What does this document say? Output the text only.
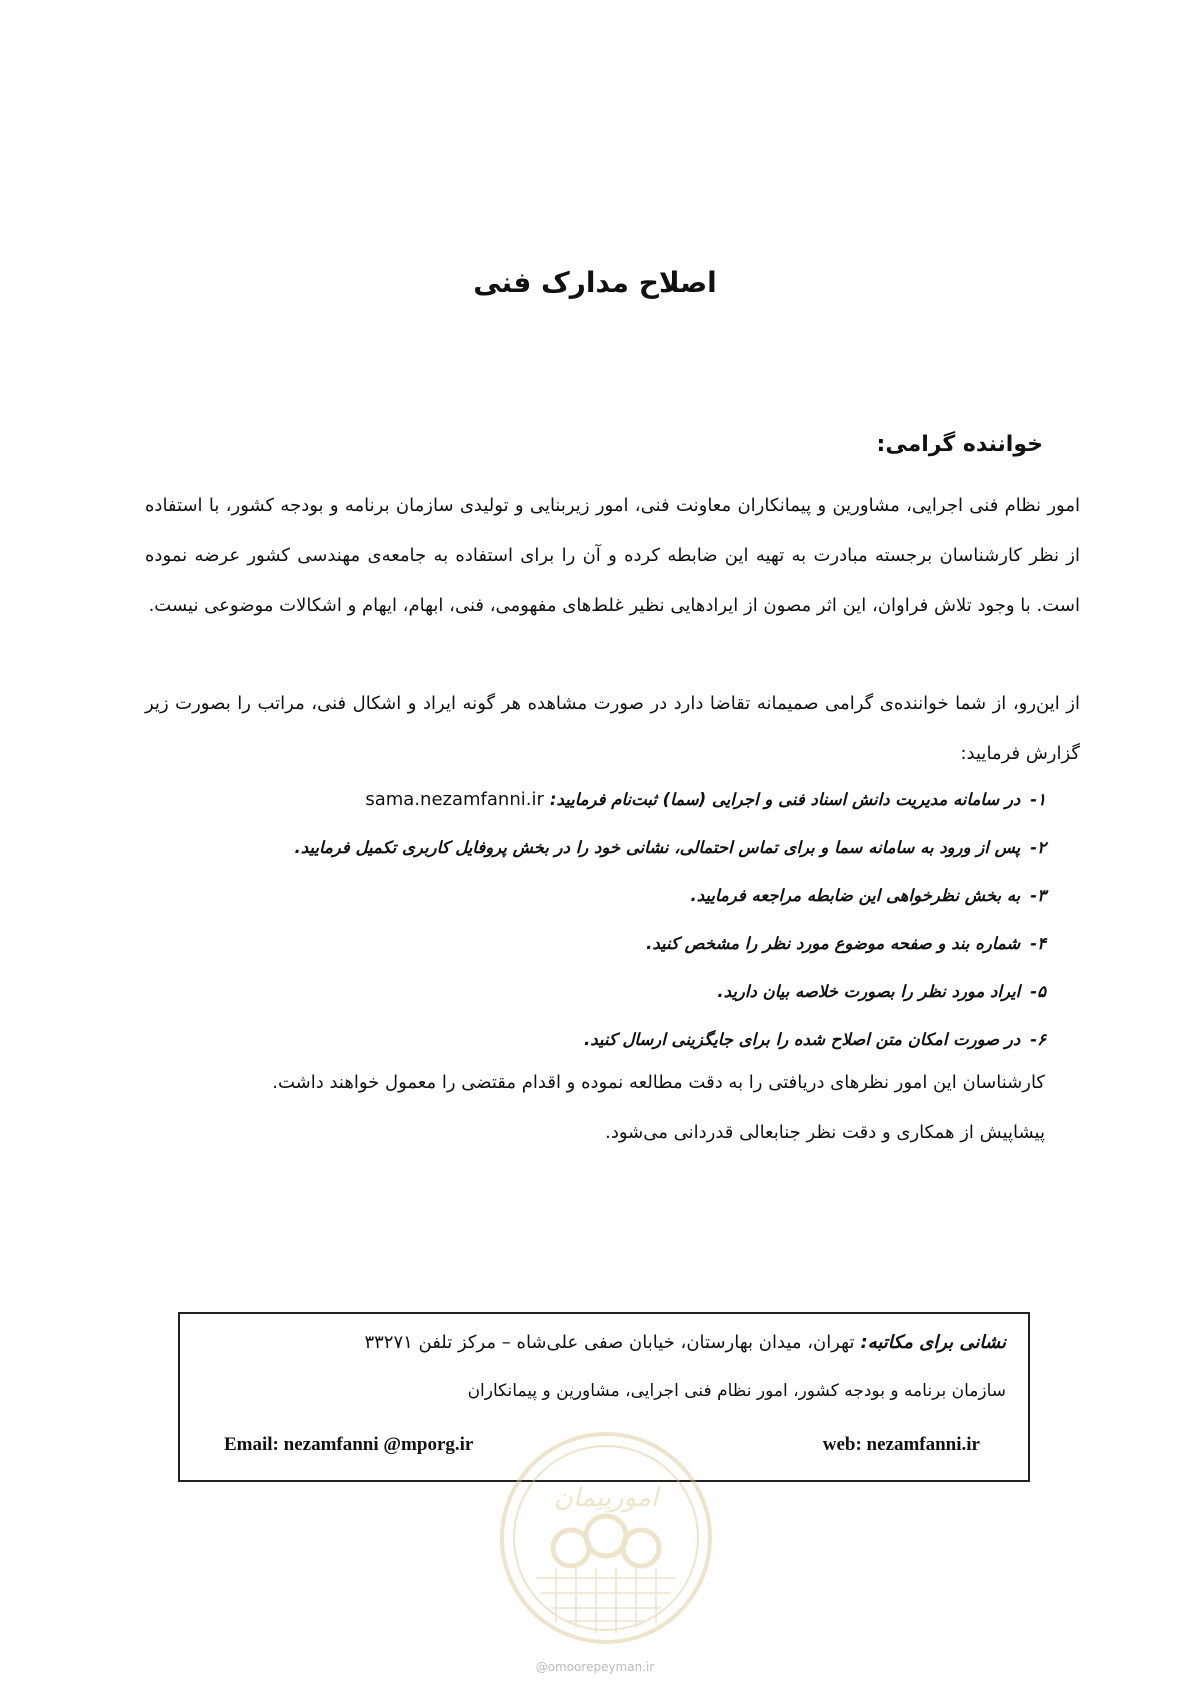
اصلاح مدارک فنی
خواننده گرامی:

امور نظام فنی اجرایی، مشاورین و پیمانکاران معاونت فنی، امور زیربنایی و تولیدی سازمان برنامه و بودجه کشور، با استفاده از نظر کارشناسان برجسته مبادرت به تهیه این ضابطه کرده و آن را برای استفاده به جامعه‌ی مهندسی کشور عرضه نموده است. با وجود تلاش فراوان، این اثر مصون از ایرادهایی نظیر غلط‌های مفهومی، فنی، ابهام، ایهام و اشکالات موضوعی نیست.

از این‌رو، از شما خواننده‌ی گرامی صمیمانه تقاضا دارد در صورت مشاهده هر گونه ایراد و اشکال فنی، مراتب را بصورت زیر گزارش فرمایید:

۱-در سامانه مدیریت دانش اسناد فنی و اجرایی (سما) ثبت‌نام فرمایید:sama.nezamfanni.ir
۲-پس از ورود به سامانه سما و برای تماس احتمالی، نشانی خود را در بخش پروفایل کاربری تکمیل فرمایید.
۳-به بخش نظرخواهی این ضابطه مراجعه فرمایید.
۴-شماره بند و صفحه موضوع مورد نظر را مشخص کنید.
۵-ایراد مورد نظر را بصورت خلاصه بیان دارید.
۶-در صورت امکان متن اصلاح شده را برای جایگزینی ارسال کنید.
کارشناسان این امور نظرهای دریافتی را به دقت مطالعه نموده و اقدام مقتضی را معمول خواهند داشت.
پیشاپیش از همکاری و دقت نظر جنابعالی قدردانی می‌شود.
نشانی برای مکاتبه:تهران، میدان بهارستان، خیابان صفی علی‌شاه – مرکز تلفن ۳۳۲۷۱
سازمان برنامه و بودجه کشور، امور نظام فنی اجرایی، مشاورین و پیمانکاران
Email: nezamfanni @mporg.ir	web: nezamfanni.ir
امورپیمان
@omoorepeyman.ir
